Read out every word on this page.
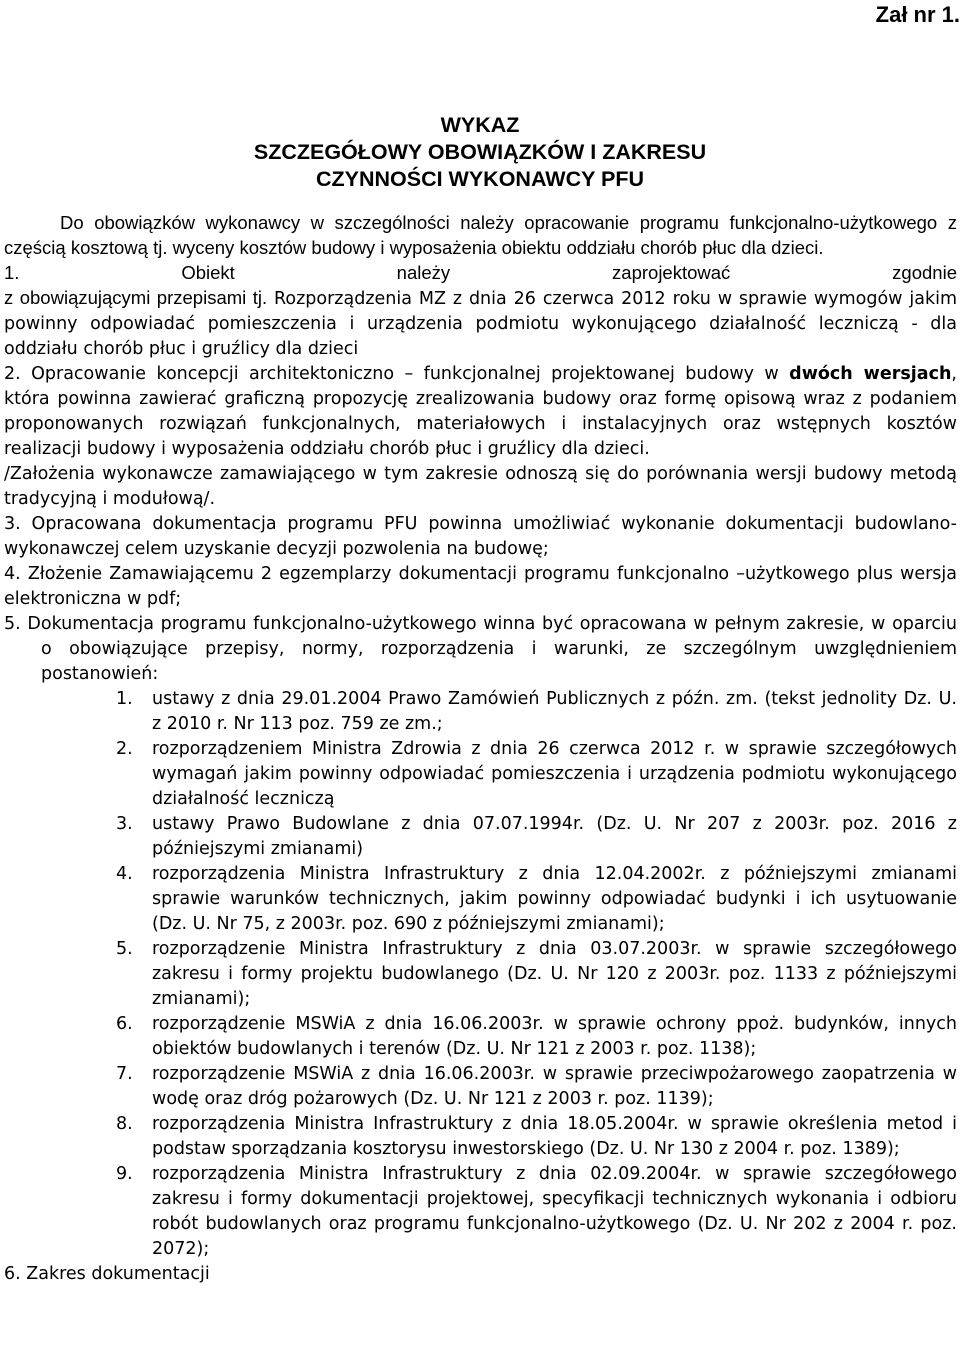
Zał nr 1.
WYKAZ
SZCZEGÓŁOWY OBOWIĄZKÓW I ZAKRESU
CZYNNOŚCI WYKONAWCY PFU

Do obowiązków wykonawcy w szczególności należy opracowanie programu funkcjonalno-użytkowego z częścią kosztową tj. wyceny kosztów budowy i wyposażenia obiektu oddziału chorób płuc dla dzieci.

1. Obiekt należy zaprojektować zgodnie

z obowiązującymi przepisami tj. Rozporządzenia MZ z dnia 26 czerwca 2012 roku w sprawie wymogów jakim powinny odpowiadać pomieszczenia i urządzenia podmiotu wykonującego działalność leczniczą - dla oddziału chorób płuc i gruźlicy dla dzieci

2. Opracowanie koncepcji architektoniczno – funkcjonalnej projektowanej budowy w dwóch wersjach, która powinna zawierać graficzną propozycję zrealizowania budowy oraz formę opisową wraz z podaniem proponowanych rozwiązań funkcjonalnych, materiałowych i instalacyjnych oraz wstępnych kosztów realizacji budowy i wyposażenia oddziału chorób płuc i gruźlicy dla dzieci.

/Założenia wykonawcze zamawiającego w tym zakresie odnoszą się do porównania wersji budowy metodą tradycyjną i modułową/.

3. Opracowana dokumentacja programu PFU powinna umożliwiać wykonanie dokumentacji budowlano-wykonawczej celem uzyskanie decyzji pozwolenia na budowę;

4. Złożenie Zamawiającemu 2 egzemplarzy dokumentacji programu funkcjonalno –użytkowego plus wersja elektroniczna w pdf;

5. Dokumentacja programu funkcjonalno-użytkowego winna być opracowana w pełnym zakresie, w oparciu o obowiązujące przepisy, normy, rozporządzenia i warunki, ze szczególnym uwzględnieniem postanowień:

1. ustawy z dnia 29.01.2004 Prawo Zamówień Publicznych z późn. zm. (tekst jednolity Dz. U. z 2010 r. Nr 113 poz. 759 ze zm.;
2. rozporządzeniem Ministra Zdrowia z dnia 26 czerwca 2012 r. w sprawie szczegółowych wymagań jakim powinny odpowiadać pomieszczenia i urządzenia podmiotu wykonującego działalność leczniczą
3. ustawy Prawo Budowlane z dnia 07.07.1994r. (Dz. U. Nr 207 z 2003r. poz. 2016 z późniejszymi zmianami)
4. rozporządzenia Ministra Infrastruktury z dnia 12.04.2002r. z późniejszymi zmianami sprawie warunków technicznych, jakim powinny odpowiadać budynki i ich usytuowanie (Dz. U. Nr 75, z 2003r. poz. 690 z późniejszymi zmianami);
5. rozporządzenie Ministra Infrastruktury z dnia 03.07.2003r. w sprawie szczegółowego zakresu i formy projektu budowlanego (Dz. U. Nr 120 z 2003r. poz. 1133 z późniejszymi zmianami);
6. rozporządzenie MSWiA z dnia 16.06.2003r. w sprawie ochrony ppoż. budynków, innych obiektów budowlanych i terenów (Dz. U. Nr 121 z 2003 r. poz. 1138);
7. rozporządzenie MSWiA z dnia 16.06.2003r. w sprawie przeciwpożarowego zaopatrzenia w wodę oraz dróg pożarowych (Dz. U. Nr 121 z 2003 r. poz. 1139);
8. rozporządzenia Ministra Infrastruktury z dnia 18.05.2004r. w sprawie określenia metod i podstaw sporządzania kosztorysu inwestorskiego (Dz. U. Nr 130 z 2004 r. poz. 1389);
9. rozporządzenia Ministra Infrastruktury z dnia 02.09.2004r. w sprawie szczegółowego zakresu i formy dokumentacji projektowej, specyfikacji technicznych wykonania i odbioru robót budowlanych oraz programu funkcjonalno-użytkowego (Dz. U. Nr 202 z 2004 r. poz. 2072);

6. Zakres dokumentacji
